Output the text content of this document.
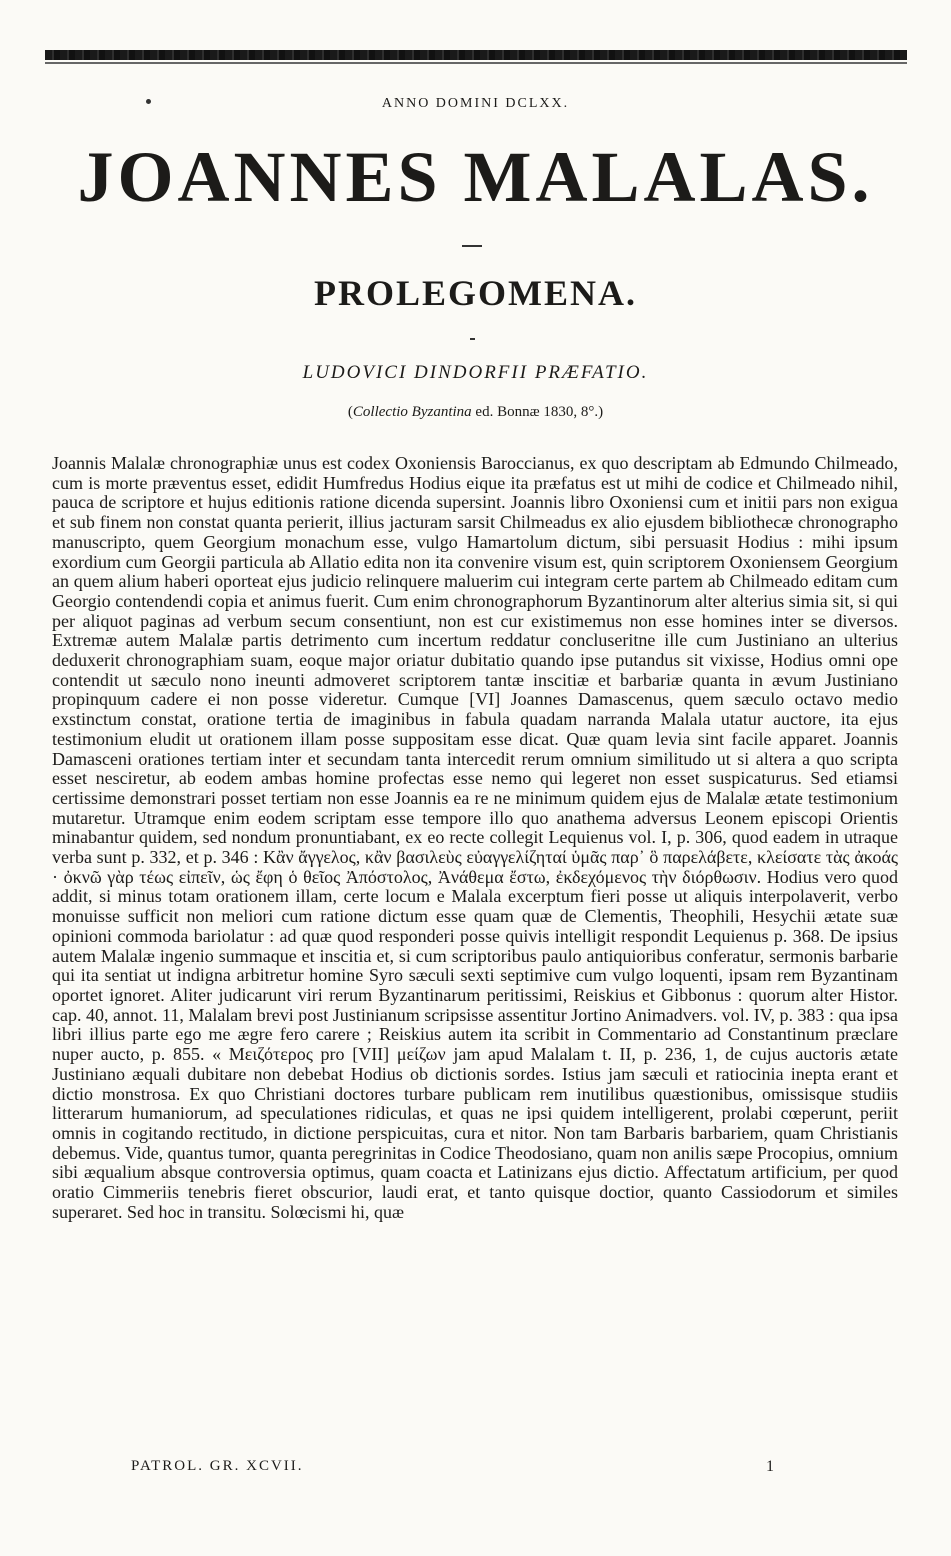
ANNO DOMINI DCLXX.
JOANNES MALALAS.
PROLEGOMENA.
LUDOVICI DINDORFII PRÆFATIO.
(Collectio Byzantina ed. Bonnæ 1830, 8°.)
Joannis Malalæ chronographiæ unus est codex Oxoniensis Baroccianus, ex quo descriptam ab Edmundo Chilmeado, cum is morte præventus esset, edidit Humfredus Hodius eique ita præfatus est ut mihi de codice et Chilmeado nihil, pauca de scriptore et hujus editionis ratione dicenda supersint. Joannis libro Oxoniensi cum et initii pars non exigua et sub finem non constat quanta perierit, illius jacturam sarsit Chilmeadus ex alio ejusdem bibliothecæ chronographo manuscripto, quem Georgium monachum esse, vulgo Hamartolum dictum, sibi persuasit Hodius : mihi ipsum exordium cum Georgii particula ab Allatio edita non ita convenire visum est, quin scriptorem Oxoniensem Georgium an quem alium haberi oporteat ejus judicio relinquere maluerim cui integram certe partem ab Chilmeado editam cum Georgio contendendi copia et animus fuerit. Cum enim chronographorum Byzantinorum alter alterius simia sit, si qui per aliquot paginas ad verbum secum consentiunt, non est cur existimemus non esse homines inter se diversos. Extremæ autem Malalæ partis detrimento cum incertum reddatur concluseritne ille cum Justiniano an ulterius deduxerit chronographiam suam, eoque major oriatur dubitatio quando ipse putandus sit vixisse, Hodius omni ope contendit ut sæculo nono ineunti admoveret scriptorem tantæ inscitiæ et barbariæ quanta in ævum Justiniano propinquum cadere ei non posse videretur. Cumque [VI] Joannes Damascenus, quem sæculo octavo medio exstinctum constat, oratione tertia de imaginibus in fabula quadam narranda Malala utatur auctore, ita ejus testimonium eludit ut orationem illam posse suppositam esse dicat. Quæ quam levia sint facile apparet. Joannis Damasceni orationes tertiam inter et secundam tanta intercedit rerum omnium similitudo ut si altera a quo scripta esset nesciretur, ab eodem ambas homine profectas esse nemo qui legeret non esset suspicaturus. Sed etiamsi certissime demonstrari posset tertiam non esse Joannis ea re ne minimum quidem ejus de Malalæ ætate testimonium mutaretur. Utramque enim eodem scriptam esse tempore illo quo anathema adversus Leonem episcopi Orientis minabantur quidem, sed nondum pronuntiabant, ex eo recte collegit Lequienus vol. I, p. 306, quod eadem in utraque verba sunt p. 332, et p. 346 : Κἂν ἄγγελος, κἂν βασιλεὺς εὐαγγελίζηταί ὑμᾶς παρ᾽ ὃ παρελάβετε, κλείσατε τὰς ἀκοάς · ὀκνῶ γὰρ τέως εἰπεῖν, ὡς ἔφη ὁ θεῖος Ἀπόστολος, Ἀνάθεμα ἔστω, ἐκδεχόμενος τὴν διόρθωσιν. Hodius vero quod addit, si minus totam orationem illam, certe locum e Malala excerptum fieri posse ut aliquis interpolaverit, verbo monuisse sufficit non meliori cum ratione dictum esse quam quæ de Clementis, Theophili, Hesychii ætate suæ opinioni commoda bariolatur : ad quæ quod responderi posse quivis intelligit respondit Lequienus p. 368. De ipsius autem Malalæ ingenio summaque et inscitia et, si cum scriptoribus paulo antiquioribus conferatur, sermonis barbarie qui ita sentiat ut indigna arbitretur homine Syro sæculi sexti septimive cum vulgo loquenti, ipsam rem Byzantinam oportet ignoret. Aliter judicarunt viri rerum Byzantinarum peritissimi, Reiskius et Gibbonus : quorum alter Histor. cap. 40, annot. 11, Malalam brevi post Justinianum scripsisse assentitur Jortino Animadvers. vol. IV, p. 383 : qua ipsa libri illius parte ego me ægre fero carere ; Reiskius autem ita scribit in Commentario ad Constantinum præclare nuper aucto, p. 855. « Μειζότερος pro [VII] μείζων jam apud Malalam t. II, p. 236, 1, de cujus auctoris ætate Justiniano æquali dubitare non debebat Hodius ob dictionis sordes. Istius jam sæculi et ratiocinia inepta erant et dictio monstrosa. Ex quo Christiani doctores turbare publicam rem inutilibus quæstionibus, omissisque studiis litterarum humaniorum, ad speculationes ridiculas, et quas ne ipsi quidem intelligerent, prolabi cœperunt, periit omnis in cogitando rectitudo, in dictione perspicuitas, cura et nitor. Non tam Barbaris barbariem, quam Christianis debemus. Vide, quantus tumor, quanta peregrinitas in Codice Theodosiano, quam non anilis sæpe Procopius, omnium sibi æqualium absque controversia optimus, quam coacta et Latinizans ejus dictio. Affectatum artificium, per quod oratio Cimmeriis tenebris fieret obscurior, laudi erat, et tanto quisque doctior, quanto Cassiodorum et similes superaret. Sed hoc in transitu. Solœcismi hi, quæ
PATROL. GR. XCVII.	1
